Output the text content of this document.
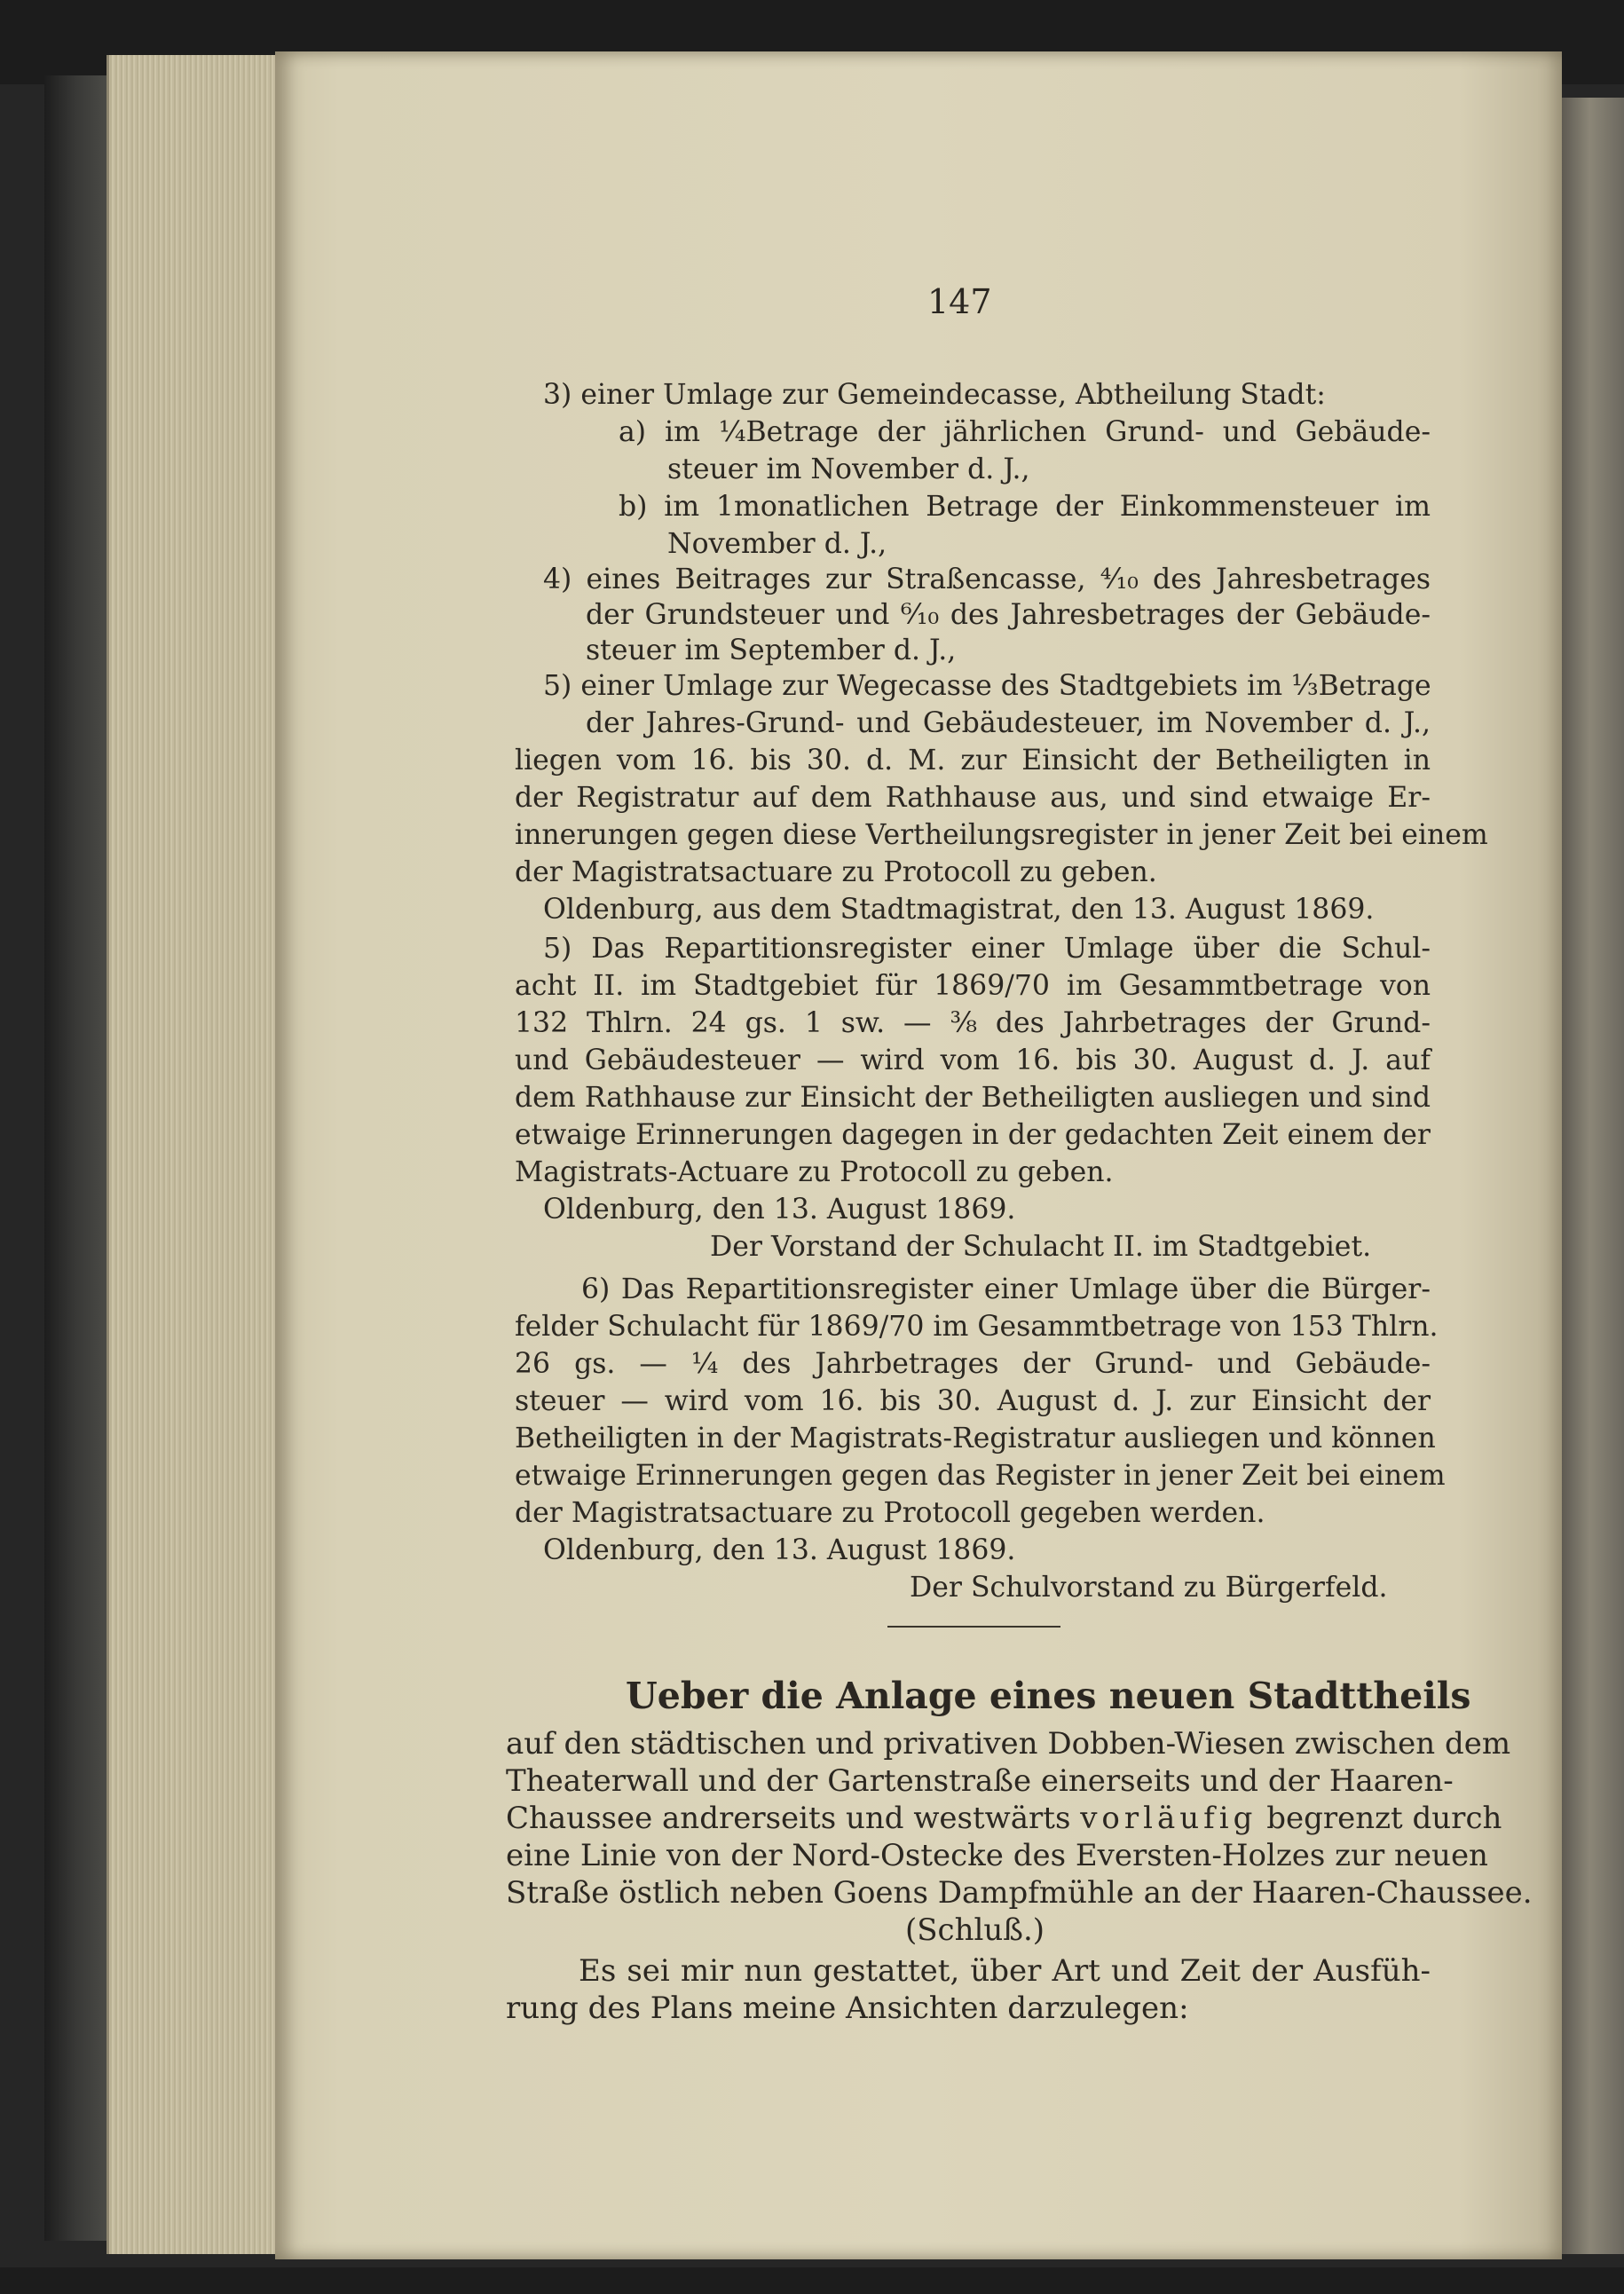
147
3) einer Umlage zur Gemeindecasse, Abtheilung Stadt:
a) im ¼Betrage der jährlichen Grund- und Gebäude-
steuer im November d. J.,
b) im 1monatlichen Betrage der Einkommensteuer im
November d. J.,
4) eines Beitrages zur Straßencasse, ⁴⁄₁₀ des Jahresbetrages
der Grundsteuer und ⁶⁄₁₀ des Jahresbetrages der Gebäude-
steuer im September d. J.,
5) einer Umlage zur Wegecasse des Stadtgebiets im ⅓Betrage
der Jahres-Grund- und Gebäudesteuer, im November d. J.,
liegen vom 16. bis 30. d. M. zur Einsicht der Betheiligten in
der Registratur auf dem Rathhause aus, und sind etwaige Er-
innerungen gegen diese Vertheilungsregister in jener Zeit bei einem
der Magistratsactuare zu Protocoll zu geben.
Oldenburg, aus dem Stadtmagistrat, den 13. August 1869.
5) Das Repartitionsregister einer Umlage über die Schul-
acht II. im Stadtgebiet für 1869/70 im Gesammtbetrage von
132 Thlrn. 24 gs. 1 sw. — ⅜ des Jahrbetrages der Grund-
und Gebäudesteuer — wird vom 16. bis 30. August d. J. auf
dem Rathhause zur Einsicht der Betheiligten ausliegen und sind
etwaige Erinnerungen dagegen in der gedachten Zeit einem der
Magistrats-Actuare zu Protocoll zu geben.
Oldenburg, den 13. August 1869.
Der Vorstand der Schulacht II. im Stadtgebiet.
6) Das Repartitionsregister einer Umlage über die Bürger-
felder Schulacht für 1869/70 im Gesammtbetrage von 153 Thlrn.
26 gs. — ¼ des Jahrbetrages der Grund- und Gebäude-
steuer — wird vom 16. bis 30. August d. J. zur Einsicht der
Betheiligten in der Magistrats-Registratur ausliegen und können
etwaige Erinnerungen gegen das Register in jener Zeit bei einem
der Magistratsactuare zu Protocoll gegeben werden.
Oldenburg, den 13. August 1869.
Der Schulvorstand zu Bürgerfeld.
Ueber die Anlage eines neuen Stadttheils
auf den städtischen und privativen Dobben-Wiesen zwischen dem
Theaterwall und der Gartenstraße einerseits und der Haaren-
Chaussee andrerseits und westwärts vorläufig begrenzt durch
eine Linie von der Nord-Ostecke des Eversten-Holzes zur neuen
Straße östlich neben Goens Dampfmühle an der Haaren-Chaussee.
(Schluß.)
Es sei mir nun gestattet, über Art und Zeit der Ausfüh-
rung des Plans meine Ansichten darzulegen:
